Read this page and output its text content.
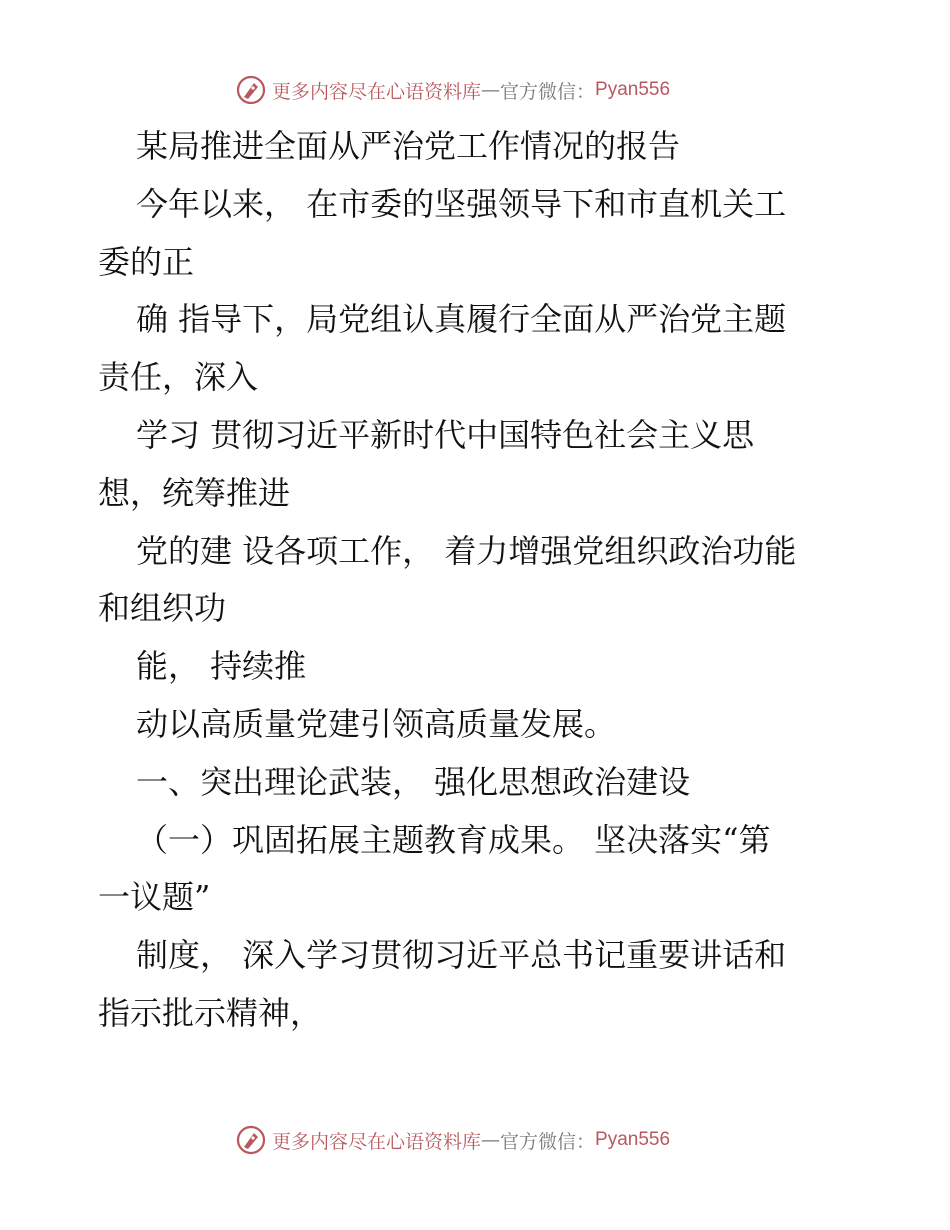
更多内容尽在心语资料库 — 官方微信： Pyan556
某局推进全面从严治党工作情况的报告
今年以来， 在市委的坚强领导下和市直机关工
委的正
确 指导下，局党组认真履行全面从严治党主题
责任，深入
学习 贯彻习近平新时代中国特色社会主义思
想，统筹推进
党的建 设各项工作， 着力增强党组织政治功能
和组织功
能， 持续推
动以高质量党建引领高质量发展。
一、突出理论武装， 强化思想政治建设
（一）巩固拓展主题教育成果。 坚决落实“第
一议题”
制度， 深入学习贯彻习近平总书记重要讲话和
指示批示精神，
更多内容尽在心语资料库 — 官方微信： Pyan556
